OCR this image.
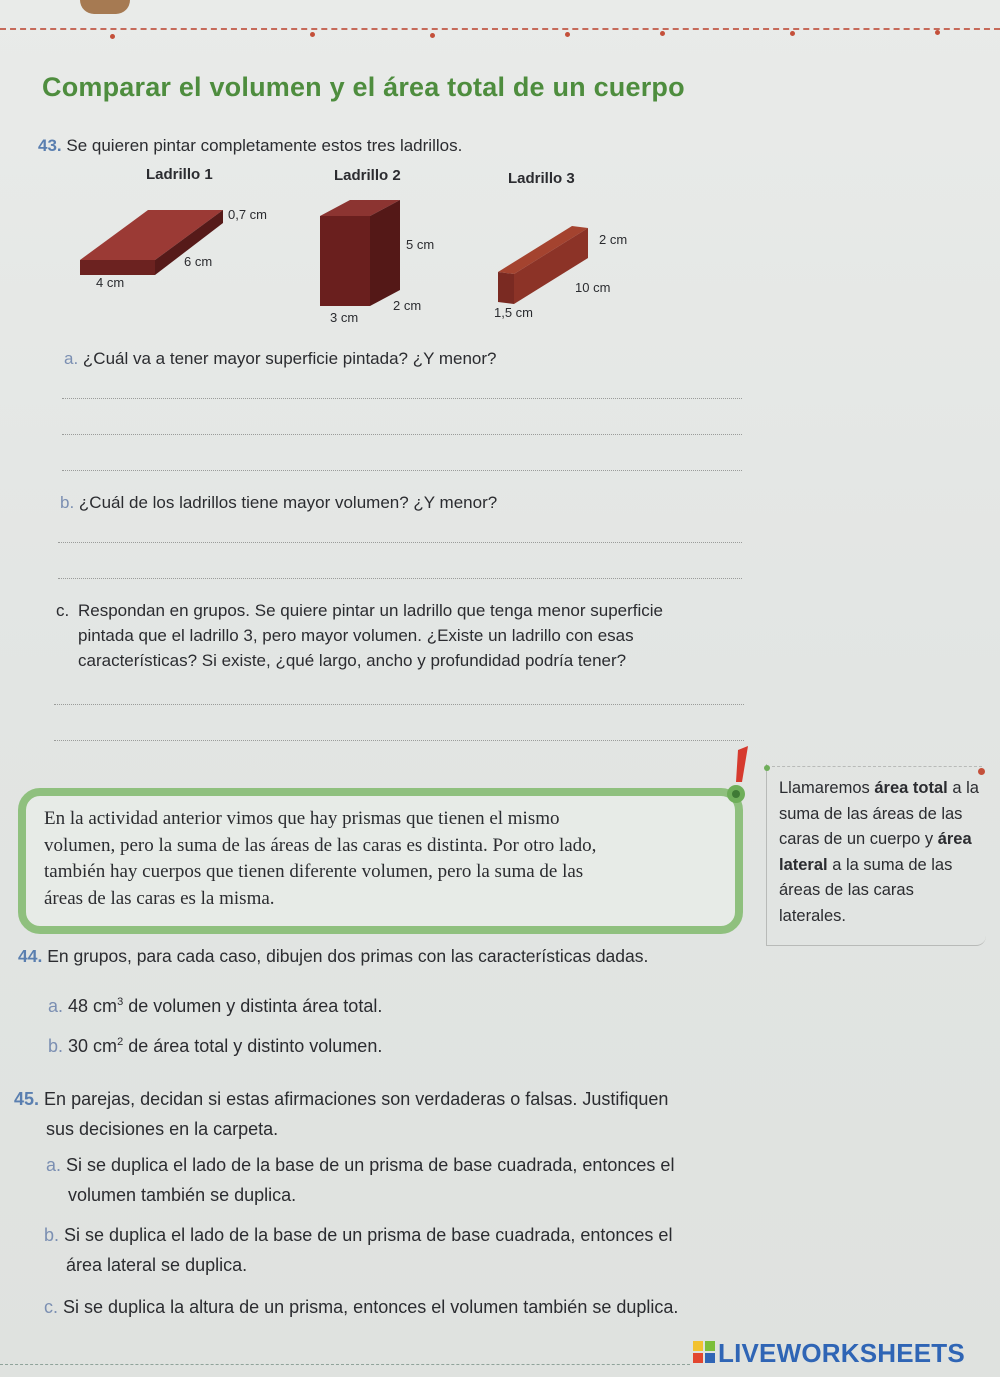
Comparar el volumen y el área total de un cuerpo
43. Se quieren pintar completamente estos tres ladrillos.
Ladrillo 1	Ladrillo 2	Ladrillo 3
0,7 cm
6 cm
4 cm
5 cm
2 cm
3 cm
2 cm
10 cm
1,5 cm
a. ¿Cuál va a tener mayor superficie pintada? ¿Y menor?
b. ¿Cuál de los ladrillos tiene mayor volumen? ¿Y menor?
c. Respondan en grupos. Se quiere pintar un ladrillo que tenga menor superficie
pintada que el ladrillo 3, pero mayor volumen. ¿Existe un ladrillo con esas
características? Si existe, ¿qué largo, ancho y profundidad podría tener?
En la actividad anterior vimos que hay prismas que tienen el mismo
volumen, pero la suma de las áreas de las caras es distinta. Por otro lado,
también hay cuerpos que tienen diferente volumen, pero la suma de las
áreas de las caras es la misma.
Llamaremos área total a la suma de las áreas de las caras de un cuerpo y área lateral a la suma de las áreas de las caras laterales.
44. En grupos, para cada caso, dibujen dos primas con las características dadas.
a. 48 $cm^3$ de volumen y distinta área total.
b. 30 $cm^2$ de área total y distinto volumen.
45. En parejas, decidan si estas afirmaciones son verdaderas o falsas. Justifiquen
sus decisiones en la carpeta.
a. Si se duplica el lado de la base de un prisma de base cuadrada, entonces el
volumen también se duplica.
b. Si se duplica el lado de la base de un prisma de base cuadrada, entonces el
área lateral se duplica.
c. Si se duplica la altura de un prisma, entonces el volumen también se duplica.
LIVEWORKSHEETS
